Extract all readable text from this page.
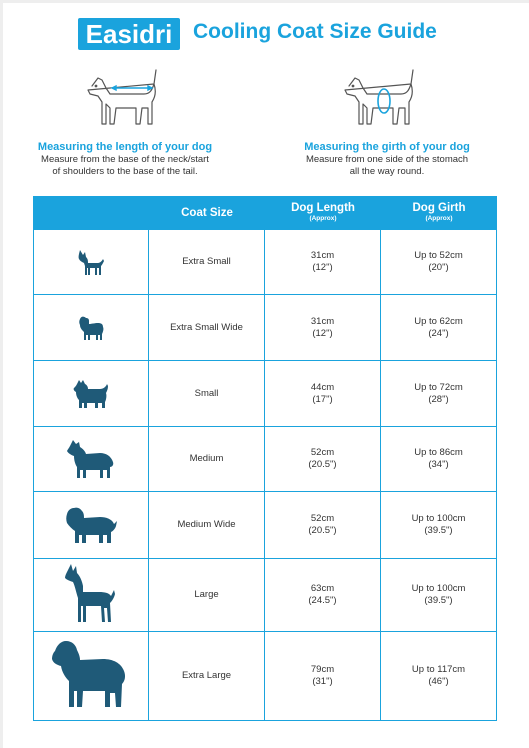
Easidri Cooling Coat Size Guide
Measuring the length of your dog
Measure from the base of the neck/start
of shoulders to the base of the tail.
Measuring the girth of your dog
Measure from one side of the stomach
all the way round.
Coat Size	Dog Length
(Approx)
Dog Girth
(Approx)
Extra Small
31cm
(12")
Up to 52cm
(20")
Extra Small Wide
31cm
(12")
Up to 62cm
(24")
Small
44cm
(17")
Up to 72cm
(28")
Medium
52cm
(20.5")
Up to 86cm
(34")
Medium Wide
52cm
(20.5")
Up to 100cm
(39.5")
Large
63cm
(24.5")
Up to 100cm
(39.5")
Extra Large
79cm
(31")
Up to 117cm
(46")
